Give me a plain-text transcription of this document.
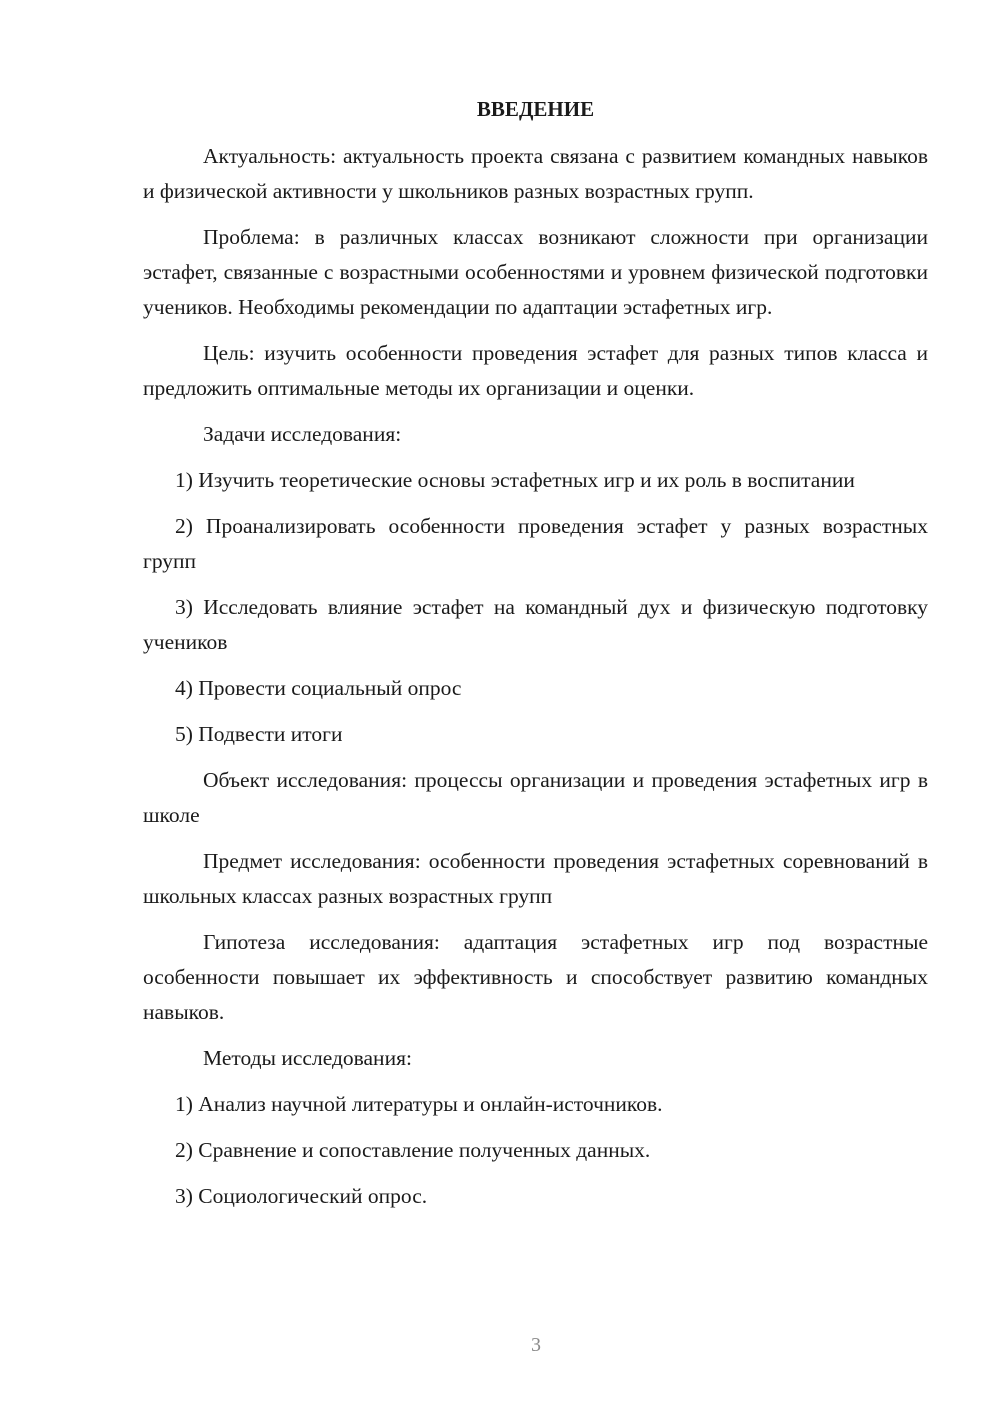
ВВЕДЕНИЕ

Актуальность: актуальность проекта связана с развитием командных навыков и физической активности у школьников разных возрастных групп.

Проблема: в различных классах возникают сложности при организации эстафет, связанные с возрастными особенностями и уровнем физической подготовки учеников. Необходимы рекомендации по адаптации эстафетных игр.

Цель: изучить особенности проведения эстафет для разных типов класса и предложить оптимальные методы их организации и оценки.

Задачи исследования:

1) Изучить теоретические основы эстафетных игр и их роль в воспитании

2) Проанализировать особенности проведения эстафет у разных возрастных групп

3) Исследовать влияние эстафет на командный дух и физическую подготовку учеников

4) Провести социальный опрос

5) Подвести итоги

Объект исследования: процессы организации и проведения эстафетных игр в школе

Предмет исследования: особенности проведения эстафетных соревнований в школьных классах разных возрастных групп

Гипотеза исследования: адаптация эстафетных игр под возрастные особенности повышает их эффективность и способствует развитию командных навыков.

Методы исследования:

1) Анализ научной литературы и онлайн-источников.

2) Сравнение и сопоставление полученных данных.

3) Социологический опрос.

3
